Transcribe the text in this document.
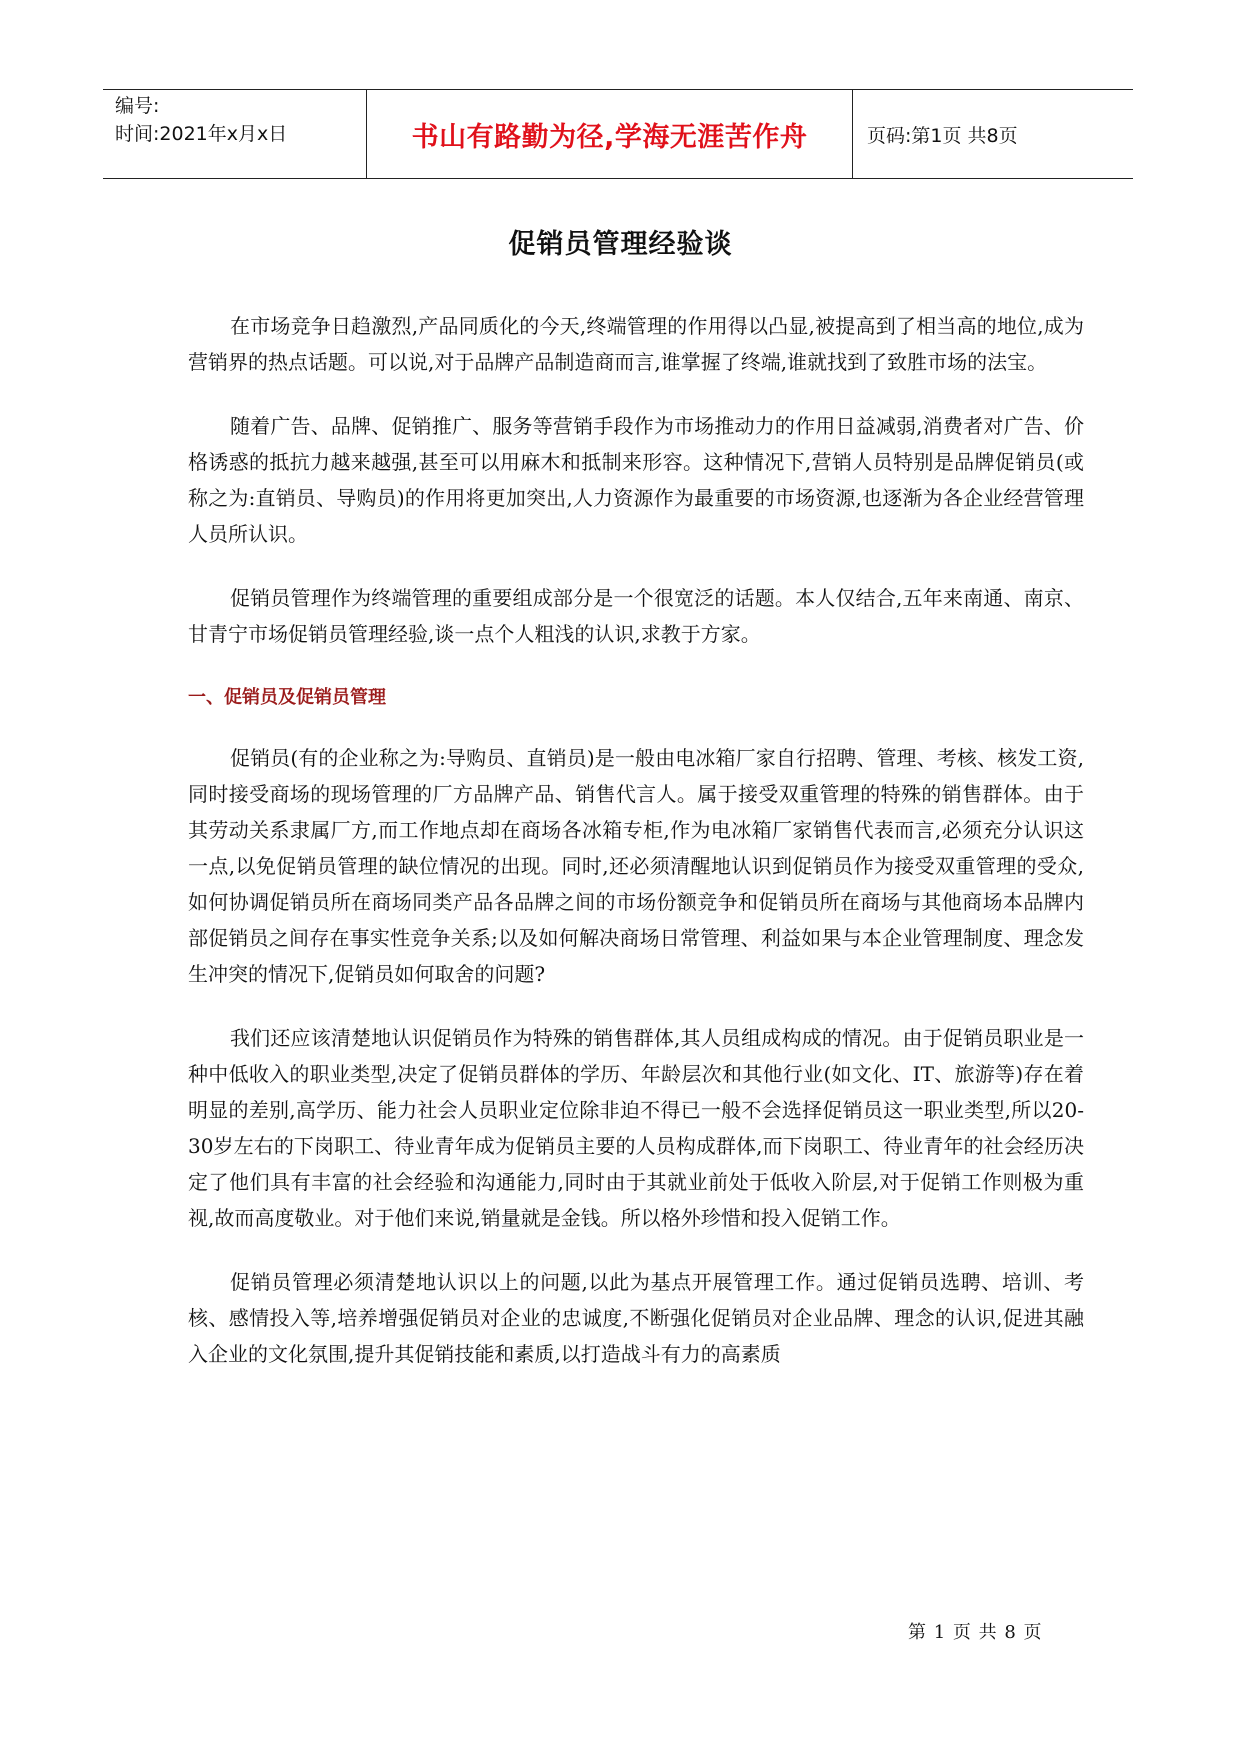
编号:
时间:2021年x月x日	书山有路勤为径,学海无涯苦作舟	页码:第1页 共8页
促销员管理经验谈

在市场竞争日趋激烈,产品同质化的今天,终端管理的作用得以凸显,被提高到了相当高的地位,成为营销界的热点话题。可以说,对于品牌产品制造商而言,谁掌握了终端,谁就找到了致胜市场的法宝。

随着广告、品牌、促销推广、服务等营销手段作为市场推动力的作用日益减弱,消费者对广告、价格诱惑的抵抗力越来越强,甚至可以用麻木和抵制来形容。这种情况下,营销人员特别是品牌促销员(或称之为:直销员、导购员)的作用将更加突出,人力资源作为最重要的市场资源,也逐渐为各企业经营管理人员所认识。

促销员管理作为终端管理的重要组成部分是一个很宽泛的话题。本人仅结合,五年来南通、南京、甘青宁市场促销员管理经验,谈一点个人粗浅的认识,求教于方家。

一、促销员及促销员管理

促销员(有的企业称之为:导购员、直销员)是一般由电冰箱厂家自行招聘、管理、考核、核发工资,同时接受商场的现场管理的厂方品牌产品、销售代言人。属于接受双重管理的特殊的销售群体。由于其劳动关系隶属厂方,而工作地点却在商场各冰箱专柜,作为电冰箱厂家销售代表而言,必须充分认识这一点,以免促销员管理的缺位情况的出现。同时,还必须清醒地认识到促销员作为接受双重管理的受众,如何协调促销员所在商场同类产品各品牌之间的市场份额竞争和促销员所在商场与其他商场本品牌内部促销员之间存在事实性竞争关系;以及如何解决商场日常管理、利益如果与本企业管理制度、理念发生冲突的情况下,促销员如何取舍的问题?

我们还应该清楚地认识促销员作为特殊的销售群体,其人员组成构成的情况。由于促销员职业是一种中低收入的职业类型,决定了促销员群体的学历、年龄层次和其他行业(如文化、IT、旅游等)存在着明显的差别,高学历、能力社会人员职业定位除非迫不得已一般不会选择促销员这一职业类型,所以20-30岁左右的下岗职工、待业青年成为促销员主要的人员构成群体,而下岗职工、待业青年的社会经历决定了他们具有丰富的社会经验和沟通能力,同时由于其就业前处于低收入阶层,对于促销工作则极为重视,故而高度敬业。对于他们来说,销量就是金钱。所以格外珍惜和投入促销工作。

促销员管理必须清楚地认识以上的问题,以此为基点开展管理工作。通过促销员选聘、培训、考核、感情投入等,培养增强促销员对企业的忠诚度,不断强化促销员对企业品牌、理念的认识,促进其融入企业的文化氛围,提升其促销技能和素质,以打造战斗有力的高素质

第 1 页 共 8 页
